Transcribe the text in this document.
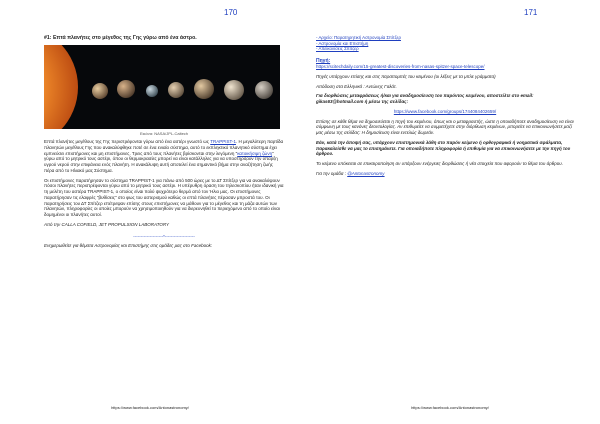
170
#1: Επτά πλανήτες στο μέγεθος της Γης γύρω από ένα άστρο.
Εικόνα: NASA/JPL-Caltech

Επτά πλανήτες μεγέθους της Γης περιστρέφονται γύρω από ένα αστέρι γνωστό ως TRAPPIST-1. Η μεγαλύτερη παρτίδα πλανητών μεγέθους Γης που ανακαλύφθηκε ποτέ σε ένα ενιαίο σύστημα, αυτό το εκπληκτικό πλανητικό σύστημα έχει εμπνεύσει επιστήμονες και μη επιστήμονες. Τρεις από τους πλανήτες βρίσκονται στην λεγόμενη "κατοικήσιμη ζώνη" γύρω από το μητρικό τους αστέρι, όπου οι θερμοκρασίες μπορεί να είναι κατάλληλες για να υποστηρίζουν την ύπαρξη υγρού νερού στην επιφάνεια ενός πλανήτη. Η ανακάλυψη αυτή αποτελεί ένα σημαντικό βήμα στην αναζήτηση ζωής πέρα από το Ηλιακό μας Σύστημα.

Οι επιστήμονες παρατήρησαν το σύστημα TRAPPIST-1 για πάνω από 500 ώρες με το ΔΤ Σπίτζερ για να ανακαλύψουν πόσοι πλανήτες περιστρέφονται γύρω από το μητρικό τους αστέρι. Η υπέρυθρη όραση του τηλεσκοπίου ήταν ιδανική για τη μελέτη του αστέρα TRAPPIST-1, ο οποίος είναι πολύ ψυχρότερο θερμό από τον Ήλιο μας. Οι επιστήμονες παρατήρησαν τις ελαφρές "βυθίσεις" στο φως του αστερισμού καθώς οι επτά πλανήτες πέρασαν μπροστά του. Οι παρατηρήσεις του ΔΤ Σπίτζερ επέτρεψαν επίσης στους επιστήμονες να μάθουν για το μέγεθος και τη μάζα αυτών των πλανητών, πληροφορίες οι οποίες μπορούν να χρησιμοποιηθούν για να διερευνηθεί το περιεχόμενο από το οποίο είναι δομημένοι οι πλανήτες αυτοί.

Από την CALLA COFIELD, JET PROPULSION LABORATORY

--------------------*--------------------

Ενημερωθείτε για θέματα Αστρονομίας και Επιστήμης στις ομάδες μας στο Facebook:

https://www.facebook.com/Antonastronomy/
171
- Αρχείο: Παρατηρητική Αστρονομία Σπίτζερ
- Αστρονομία και Επιστήμη
- Απεικονίσεις Σπίτζερ
Πηγή:

https://scitechdaily.com/15-greatest-discoveries-from-nasas-spitzer-space-telescope/

Πηγές υπάρχουν επίσης και στις παραπομπές του κειμένου (οι λέξεις με τα μπλε γράμματα)

Απόδοση στα Ελληνικά : Αντώνης Γαλάτ.

Για διορθώσεις μεταφράσεως ή/και για αναδημοσίευση του παρόντος κειμένου, αποστείλτε στο email: gikas63@hotmail.com ή μέσω της σελίδας:

https://www.facebook.com/groups/1744084402659/

Επίσης σε κάθε θέμα να δημοσιεύεται η πηγή του κειμένου, όπως και ο μεταφραστής, ώστε η οποιαδήποτε αναδημοσίευση να είναι σύμφωνη με τους κανόνες δεοντολογίας. Αν επιθυμείτε να συμμετέχετε στην διόρθωση κειμένων, μπορείτε να επικοινωνήσετε μαζί μας μέσω της σελίδας: Η δημοσίευση είναι εντελώς δωρεάν.

Εάν, κατά την άποψή σας, υπάρχουν επιστημονικά λάθη στο παρόν κείμενο ή ορθογραφικά ή νοηματικά σφάλματα, παρακαλείσθε να μας το επισημάνετε. Για οποιαδήποτε πληροφορία ή επιθυμία για να επικοινωνήσετε με την πηγή του άρθρου.

Το κείμενο υπόκειται σε επικαιροποίηση αν υπάρξουν ενέργειες διορθώσεις ή νέα στοιχεία που αφορούν το θέμα του άρθρου.

Για την ομάδα : @Antonastronomy

https://www.facebook.com/Antonastronomy/
